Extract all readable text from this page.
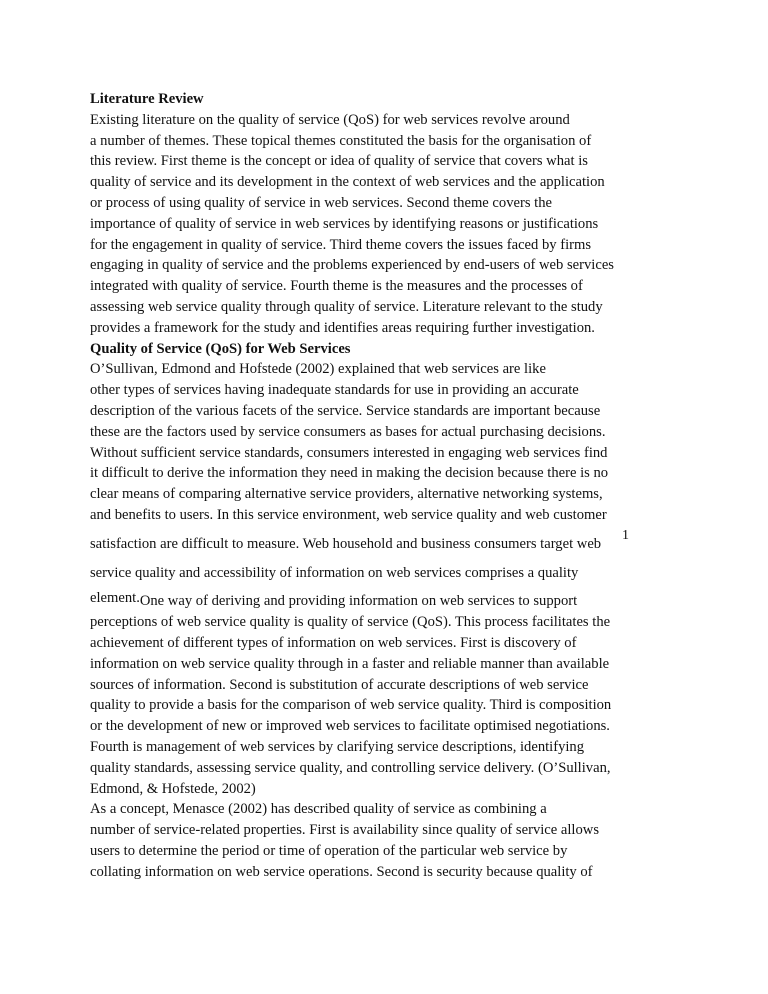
Literature Review
Existing literature on the quality of service (QoS) for web services revolve around
a number of themes. These topical themes constituted the basis for the organisation of
this review. First theme is the concept or idea of quality of service that covers what is
quality of service and its development in the context of web services and the application
or process of using quality of service in web services. Second theme covers the
importance of quality of service in web services by identifying reasons or justifications
for the engagement in quality of service. Third theme covers the issues faced by firms
engaging in quality of service and the problems experienced by end-users of web services
integrated with quality of service. Fourth theme is the measures and the processes of
assessing web service quality through quality of service. Literature relevant to the study
provides a framework for the study and identifies areas requiring further investigation.
Quality of Service (QoS) for Web Services
O’Sullivan, Edmond and Hofstede (2002) explained that web services are like
other types of services having inadequate standards for use in providing an accurate
description of the various facets of the service. Service standards are important because
these are the factors used by service consumers as bases for actual purchasing decisions.
Without sufficient service standards, consumers interested in engaging web services find
it difficult to derive the information they need in making the decision because there is no
clear means of comparing alternative service providers, alternative networking systems,
and benefits to users. In this service environment, web service quality and web customer
satisfaction are difficult to measure. Web household and business consumers target web
service quality and accessibility of information on web services comprises a quality
element.One way of deriving and providing information on web services to support
perceptions of web service quality is quality of service (QoS). This process facilitates the
achievement of different types of information on web services. First is discovery of
information on web service quality through in a faster and reliable manner than available
sources of information. Second is substitution of accurate descriptions of web service
quality to provide a basis for the comparison of web service quality. Third is composition
or the development of new or improved web services to facilitate optimised negotiations.
Fourth is management of web services by clarifying service descriptions, identifying
quality standards, assessing service quality, and controlling service delivery. (O’Sullivan,
Edmond, & Hofstede, 2002)
As a concept, Menasce (2002) has described quality of service as combining a
number of service-related properties. First is availability since quality of service allows
users to determine the period or time of operation of the particular web service by
collating information on web service operations. Second is security because quality of
1
